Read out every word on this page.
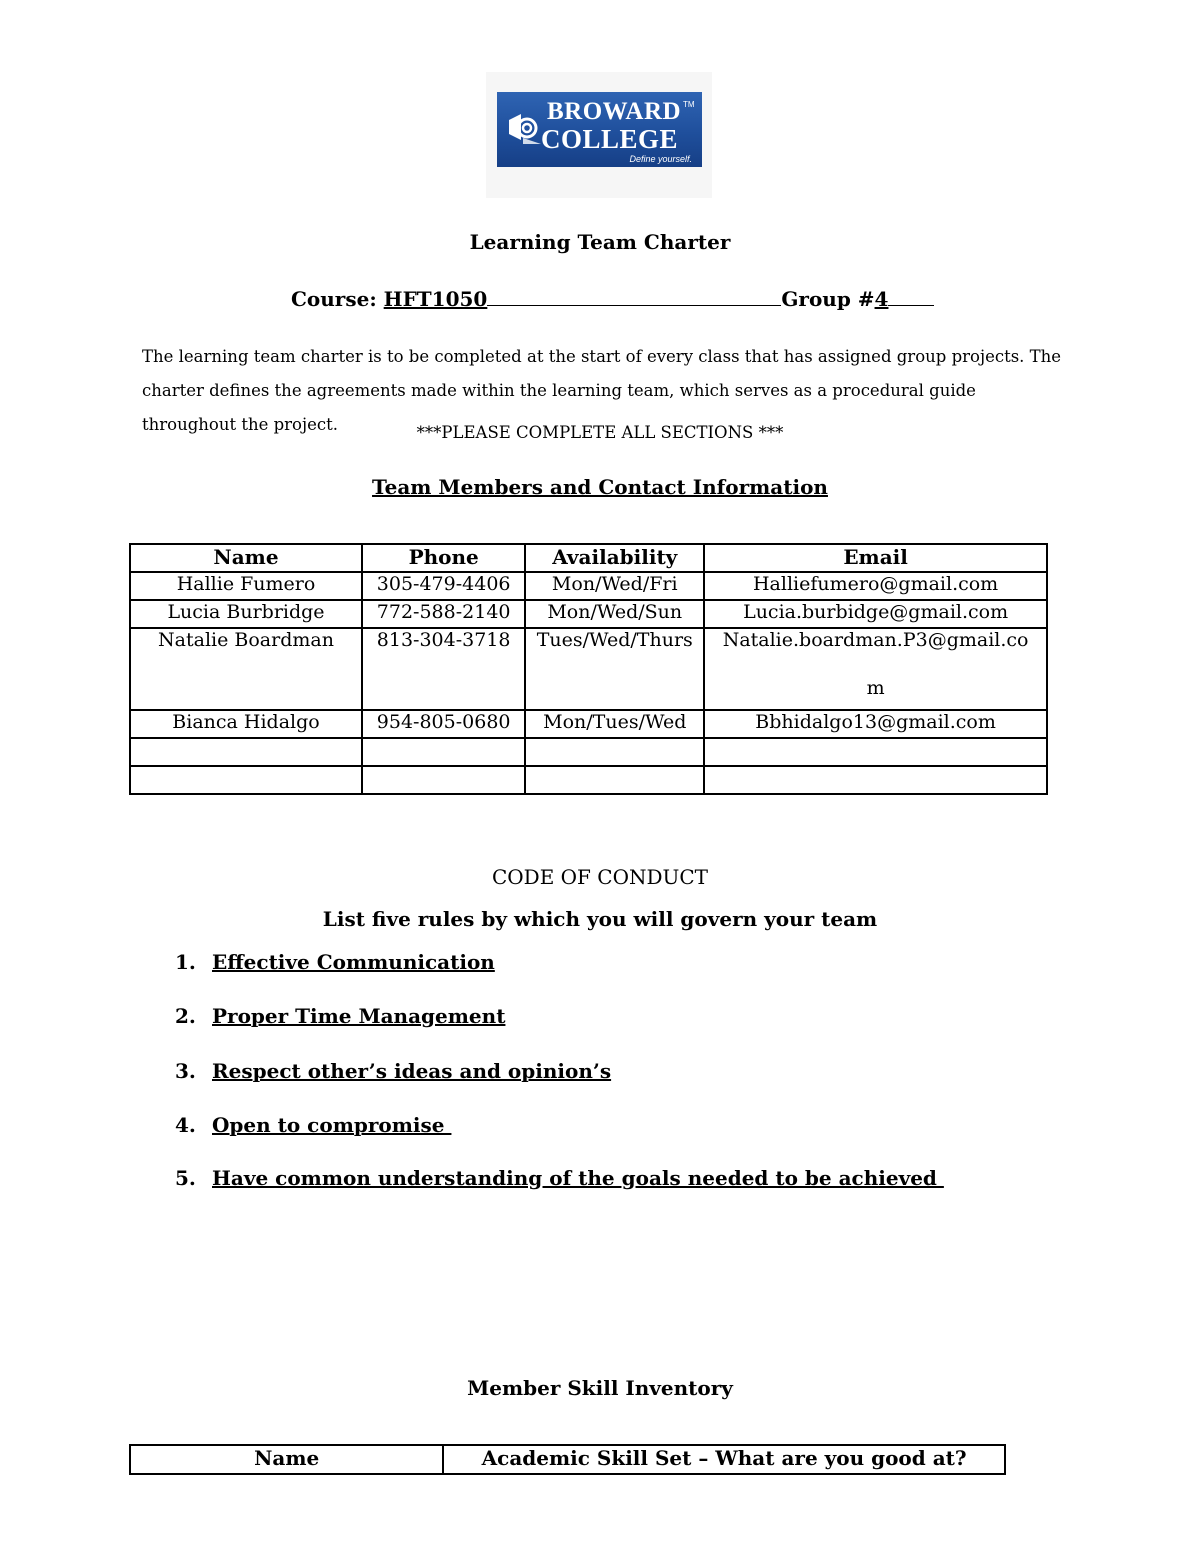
BROWARD TM
COLLEGE
Define yourself.
Learning Team Charter
Course: HFT1050	Group #4
The learning team charter is to be completed at the start of every class that has assigned group projects. The charter defines the agreements made within the learning team, which serves as a procedural guide throughout the project.	***PLEASE COMPLETE ALL SECTIONS ***
Team Members and Contact Information
Name	Phone	Availability	Email
Hallie Fumero	305-479-4406	Mon/Wed/Fri	Halliefumero@gmail.com
Lucia Burbridge	772-588-2140	Mon/Wed/Sun	Lucia.burbidge@gmail.com
Natalie Boardman	813-304-3718	Tues/Wed/Thurs	Natalie.boardman.P3@gmail.co
m

Bianca Hidalgo	954-805-0680	Mon/Tues/Wed	Bbhidalgo13@gmail.com

CODE OF CONDUCT
List five rules by which you will govern your team
1. Effective Communication
2. Proper Time Management
3. Respect other’s ideas and opinion’s
4. Open to compromise
5. Have common understanding of the goals needed to be achieved
Member Skill Inventory
Name	Academic Skill Set – What are you good at?
